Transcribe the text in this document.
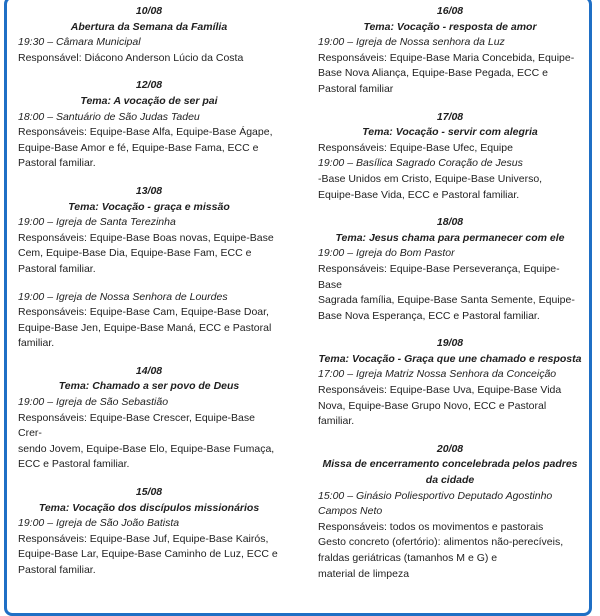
10/08

Abertura da Semana da Família

19:30 – Câmara Municipal

Responsável: Diácono Anderson Lúcio da Costa

12/08

Tema: A vocação de ser pai

18:00 – Santuário de São Judas Tadeu

Responsáveis: Equipe-Base Alfa, Equipe-Base Ágape,

Equipe-Base Amor e fé, Equipe-Base Fama, ECC e

Pastoral familiar.

13/08

Tema: Vocação - graça e missão

19:00 – Igreja de Santa Terezinha

Responsáveis: Equipe-Base Boas novas, Equipe-Base

Cem, Equipe-Base Dia, Equipe-Base Fam, ECC e

Pastoral familiar.

19:00 – Igreja de Nossa Senhora de Lourdes

Responsáveis: Equipe-Base Cam, Equipe-Base Doar,

Equipe-Base Jen, Equipe-Base Maná, ECC e Pastoral

familiar.

14/08

Tema: Chamado a ser povo de Deus

19:00 – Igreja de São Sebastião

Responsáveis: Equipe-Base Crescer, Equipe-Base Crer-

sendo Jovem, Equipe-Base Elo, Equipe-Base Fumaça,

ECC e Pastoral familiar.

15/08

Tema: Vocação dos discípulos missionários

19:00 – Igreja de São João Batista

Responsáveis: Equipe-Base Juf, Equipe-Base Kairós,

Equipe-Base Lar, Equipe-Base Caminho de Luz, ECC e

Pastoral familiar.

16/08

Tema: Vocação - resposta de amor

19:00 – Igreja de Nossa senhora da Luz

Responsáveis: Equipe-Base Maria Concebida, Equipe-

Base Nova Aliança, Equipe-Base Pegada, ECC e

Pastoral familiar

17/08

Tema: Vocação - servir com alegria

Responsáveis: Equipe-Base Ufec, Equipe

19:00 – Basílica Sagrado Coração de Jesus

-Base Unidos em Cristo, Equipe-Base Universo,

Equipe-Base Vida, ECC e Pastoral familiar.

18/08

Tema: Jesus chama para permanecer com ele

19:00 – Igreja do Bom Pastor

Responsáveis: Equipe-Base Perseverança, Equipe-Base

Sagrada família, Equipe-Base Santa Semente, Equipe-

Base Nova Esperança, ECC e Pastoral familiar.

19/08

Tema: Vocação - Graça que une chamado e resposta

17:00 – Igreja Matriz Nossa Senhora da Conceição

Responsáveis: Equipe-Base Uva, Equipe-Base Vida

Nova, Equipe-Base Grupo Novo, ECC e Pastoral

familiar.

20/08

Missa de encerramento concelebrada pelos padres da cidade

15:00 – Ginásio Poliesportivo Deputado Agostinho

Campos Neto

Responsáveis: todos os movimentos e pastorais

Gesto concreto (ofertório): alimentos não-perecíveis,

fraldas geriátricas (tamanhos M e G) e

material de limpeza
